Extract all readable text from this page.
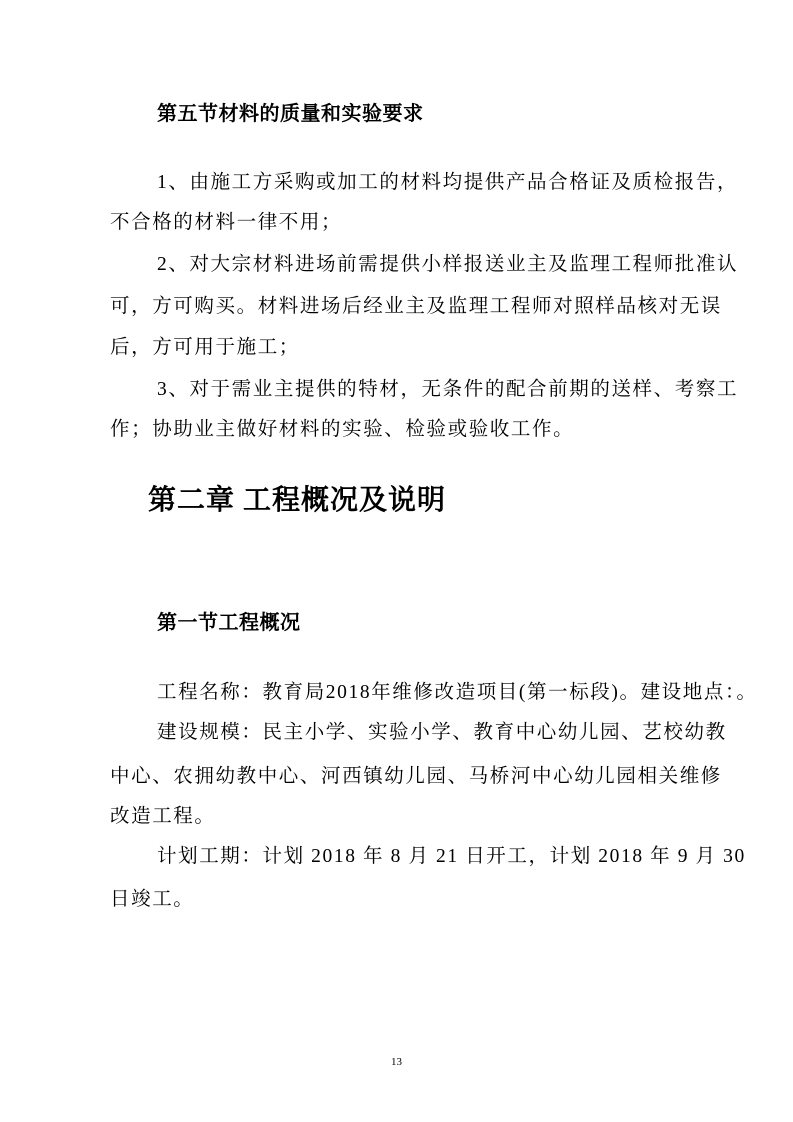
第五节材料的质量和实验要求
1、由施工方采购或加工的材料均提供产品合格证及质检报告，
不合格的材料一律不用；
2、对大宗材料进场前需提供小样报送业主及监理工程师批准认
可，方可购买。材料进场后经业主及监理工程师对照样品核对无误
后，方可用于施工；
3、对于需业主提供的特材，无条件的配合前期的送样、考察工
作；协助业主做好材料的实验、检验或验收工作。
第二章 工程概况及说明
第一节工程概况
工程名称：教育局2018年维修改造项目(第一标段)。建设地点：。
建设规模：民主小学、实验小学、教育中心幼儿园、艺校幼教
中心、农拥幼教中心、河西镇幼儿园、马桥河中心幼儿园相关维修
改造工程。
计划工期：计划 2018 年 8 月 21 日开工，计划 2018 年 9 月 30
日竣工。
13
